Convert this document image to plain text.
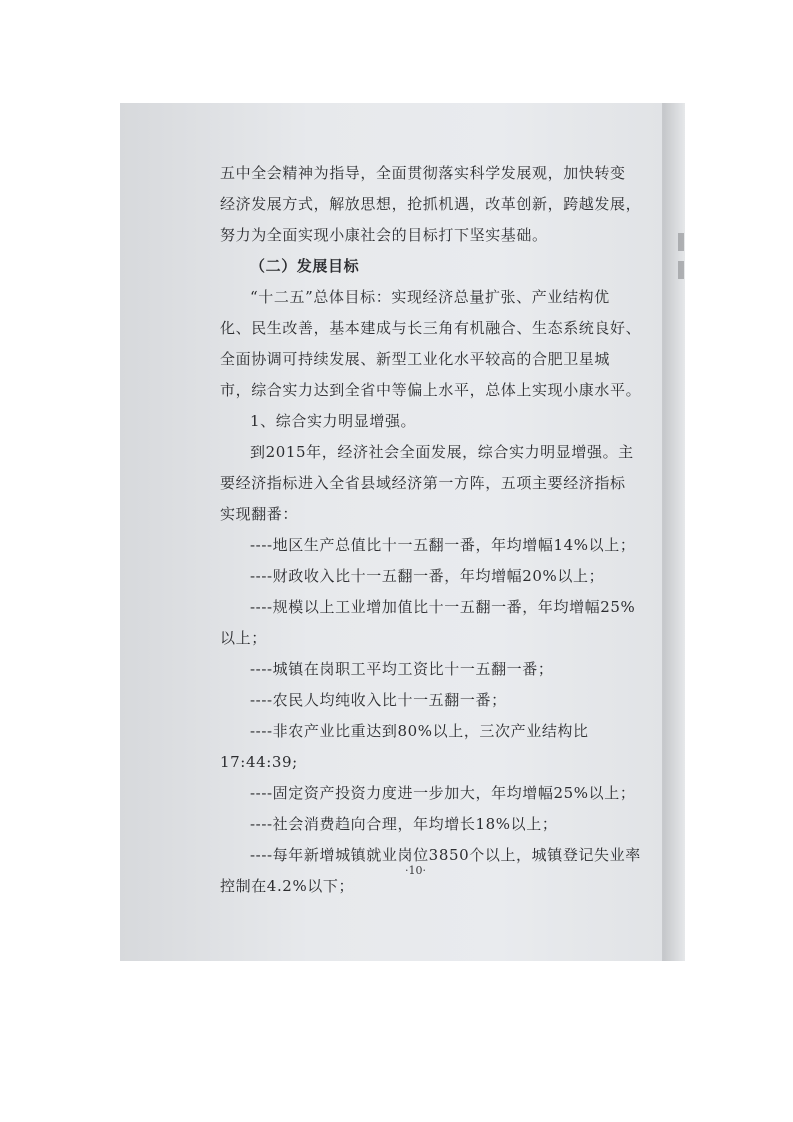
五中全会精神为指导，全面贯彻落实科学发展观，加快转变
经济发展方式，解放思想，抢抓机遇，改革创新，跨越发展，
努力为全面实现小康社会的目标打下坚实基础。
（二）发展目标
“十二五”总体目标：实现经济总量扩张、产业结构优
化、民生改善，基本建成与长三角有机融合、生态系统良好、
全面协调可持续发展、新型工业化水平较高的合肥卫星城
市，综合实力达到全省中等偏上水平，总体上实现小康水平。
1、综合实力明显增强。
到2015年，经济社会全面发展，综合实力明显增强。主
要经济指标进入全省县域经济第一方阵，五项主要经济指标
实现翻番：
----地区生产总值比十一五翻一番，年均增幅14%以上；
----财政收入比十一五翻一番，年均增幅20%以上；
----规模以上工业增加值比十一五翻一番，年均增幅25%
以上；
----城镇在岗职工平均工资比十一五翻一番；
----农民人均纯收入比十一五翻一番；
----非农产业比重达到80%以上，三次产业结构比
17:44:39;
----固定资产投资力度进一步加大，年均增幅25%以上；
----社会消费趋向合理，年均增长18%以上；
----每年新增城镇就业岗位3850个以上，城镇登记失业率
控制在4.2%以下；
·10·
